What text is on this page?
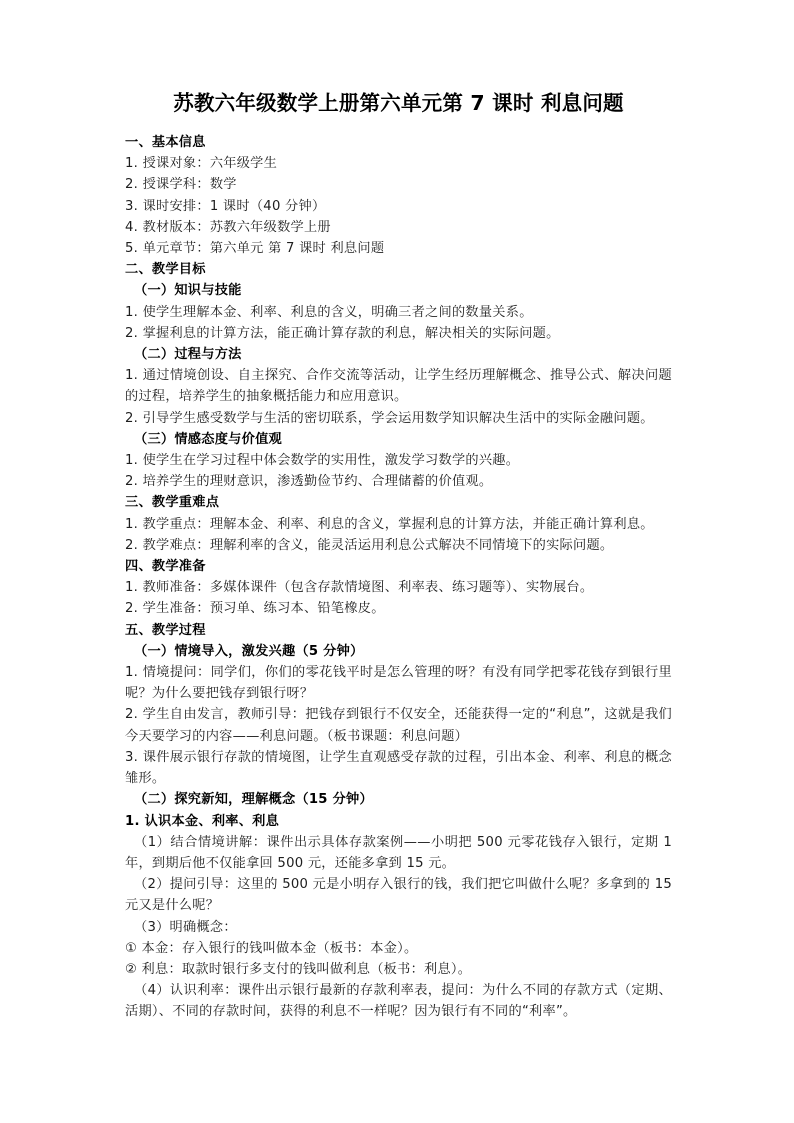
苏教六年级数学上册第六单元第 7 课时 利息问题

一、基本信息

1. 授课对象：六年级学生

2. 授课学科：数学

3. 课时安排：1 课时（40 分钟）

4. 教材版本：苏教六年级数学上册

5. 单元章节：第六单元 第 7 课时 利息问题

二、教学目标

（一）知识与技能

1. 使学生理解本金、利率、利息的含义，明确三者之间的数量关系。

2. 掌握利息的计算方法，能正确计算存款的利息，解决相关的实际问题。

（二）过程与方法

1. 通过情境创设、自主探究、合作交流等活动，让学生经历理解概念、推导公式、解决问题的过程，培养学生的抽象概括能力和应用意识。

2. 引导学生感受数学与生活的密切联系，学会运用数学知识解决生活中的实际金融问题。

（三）情感态度与价值观

1. 使学生在学习过程中体会数学的实用性，激发学习数学的兴趣。

2. 培养学生的理财意识，渗透勤俭节约、合理储蓄的价值观。

三、教学重难点

1. 教学重点：理解本金、利率、利息的含义，掌握利息的计算方法，并能正确计算利息。

2. 教学难点：理解利率的含义，能灵活运用利息公式解决不同情境下的实际问题。

四、教学准备

1. 教师准备：多媒体课件（包含存款情境图、利率表、练习题等）、实物展台。

2. 学生准备：预习单、练习本、铅笔橡皮。

五、教学过程

（一）情境导入，激发兴趣（5 分钟）

1. 情境提问：同学们，你们的零花钱平时是怎么管理的呀？有没有同学把零花钱存到银行里呢？为什么要把钱存到银行呀？

2. 学生自由发言，教师引导：把钱存到银行不仅安全，还能获得一定的“利息”，这就是我们今天要学习的内容——利息问题。（板书课题：利息问题）

3. 课件展示银行存款的情境图，让学生直观感受存款的过程，引出本金、利率、利息的概念雏形。

（二）探究新知，理解概念（15 分钟）

1. 认识本金、利率、利息

（1）结合情境讲解：课件出示具体存款案例——小明把 500 元零花钱存入银行，定期 1 年，到期后他不仅能拿回 500 元，还能多拿到 15 元。

（2）提问引导：这里的 500 元是小明存入银行的钱，我们把它叫做什么呢？多拿到的 15 元又是什么呢？

（3）明确概念：

① 本金：存入银行的钱叫做本金（板书：本金）。

② 利息：取款时银行多支付的钱叫做利息（板书：利息）。

（4）认识利率：课件出示银行最新的存款利率表，提问：为什么不同的存款方式（定期、活期）、不同的存款时间，获得的利息不一样呢？因为银行有不同的“利率”。
